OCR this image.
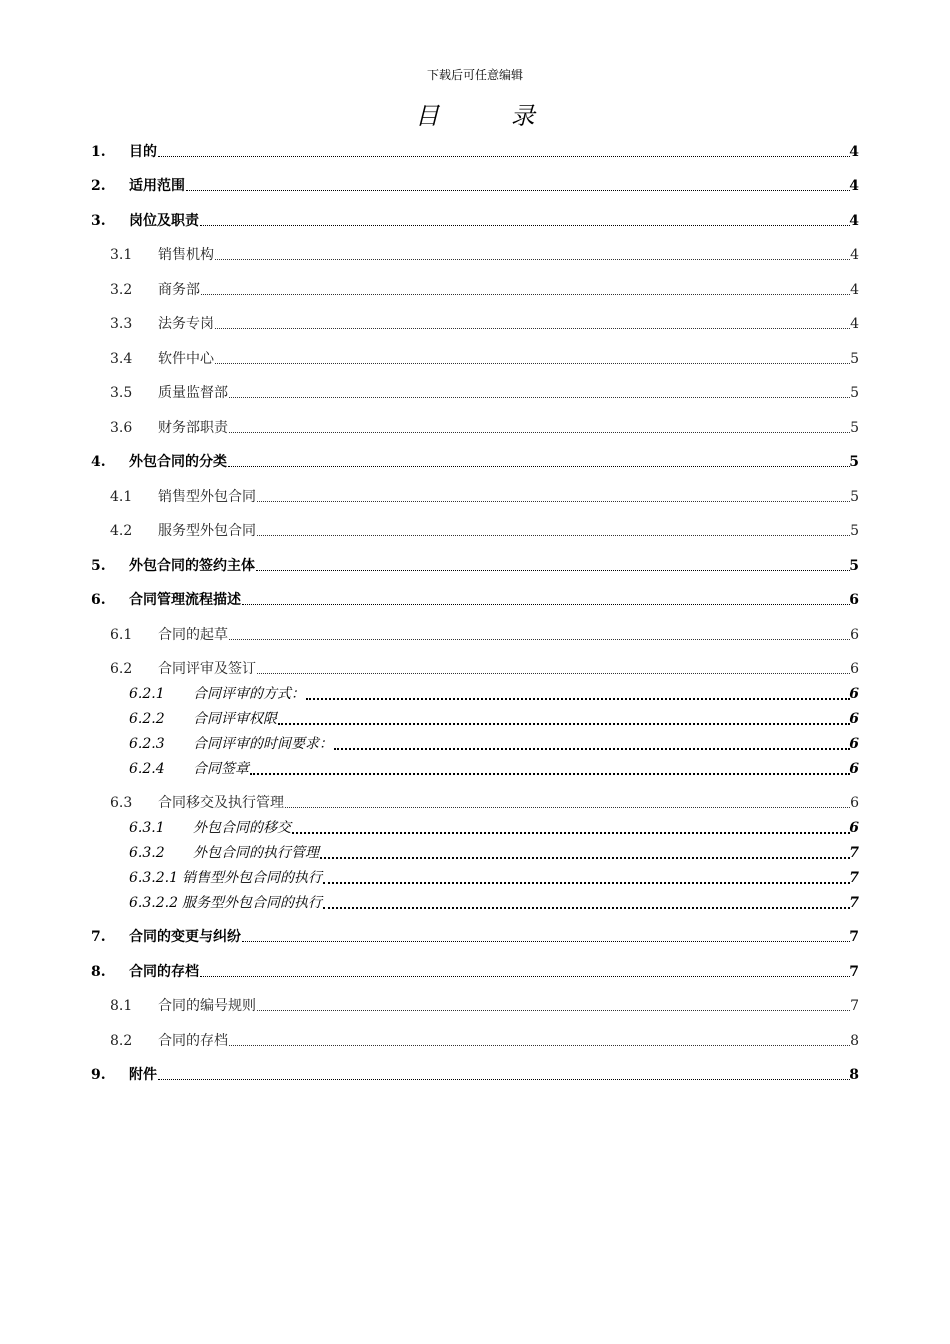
下载后可任意编辑
目 录
1. 目的	4
2. 适用范围	4
3. 岗位及职责	4
3.1 销售机构	4
3.2 商务部	4
3.3 法务专岗	4
3.4 软件中心	5
3.5 质量监督部	5
3.6 财务部职责	5
4. 外包合同的分类	5
4.1 销售型外包合同	5
4.2 服务型外包合同	5
5. 外包合同的签约主体	5
6. 合同管理流程描述	6
6.1 合同的起草	6
6.2 合同评审及签订	6
6.2.1 合同评审的方式：	6
6.2.2 合同评审权限	6
6.2.3 合同评审的时间要求：	6
6.2.4 合同签章	6
6.3 合同移交及执行管理	6
6.3.1 外包合同的移交	6
6.3.2 外包合同的执行管理	7
6.3.2.1 销售型外包合同的执行	7
6.3.2.2 服务型外包合同的执行	7
7. 合同的变更与纠纷	7
8. 合同的存档	7
8.1 合同的编号规则	7
8.2 合同的存档	8
9. 附件	8
